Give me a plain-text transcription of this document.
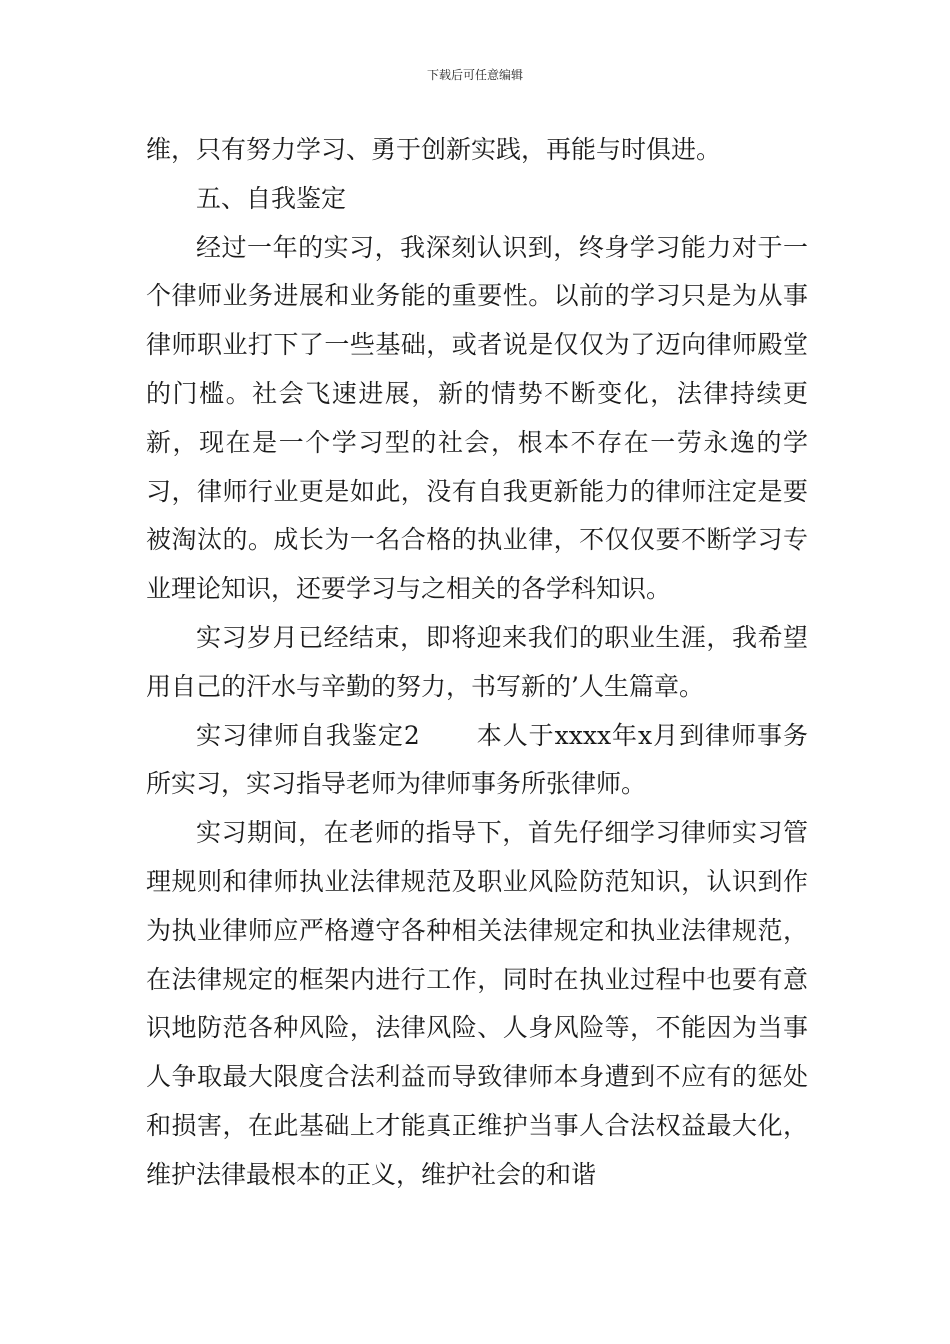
下载后可任意编辑

维，只有努力学习、勇于创新实践，再能与时俱进。

五、自我鉴定

经过一年的实习，我深刻认识到，终身学习能力对于一个律师业务进展和业务能的重要性。以前的学习只是为从事律师职业打下了一些基础，或者说是仅仅为了迈向律师殿堂的门槛。社会飞速进展，新的情势不断变化，法律持续更新，现在是一个学习型的社会，根本不存在一劳永逸的学习，律师行业更是如此，没有自我更新能力的律师注定是要被淘汰的。成长为一名合格的执业律，不仅仅要不断学习专业理论知识，还要学习与之相关的各学科知识。

实习岁月已经结束，即将迎来我们的职业生涯，我希望用自己的汗水与辛勤的努力，书写新的’人生篇章。

实习律师自我鉴定2 本人于xxxx年x月到律师事务所实习，实习指导老师为律师事务所张律师。

实习期间，在老师的指导下，首先仔细学习律师实习管理规则和律师执业法律规范及职业风险防范知识，认识到作为执业律师应严格遵守各种相关法律规定和执业法律规范，在法律规定的框架内进行工作，同时在执业过程中也要有意识地防范各种风险，法律风险、人身风险等，不能因为当事人争取最大限度合法利益而导致律师本身遭到不应有的惩处和损害，在此基础上才能真正维护当事人合法权益最大化，维护法律最根本的正义，维护社会的和谐
